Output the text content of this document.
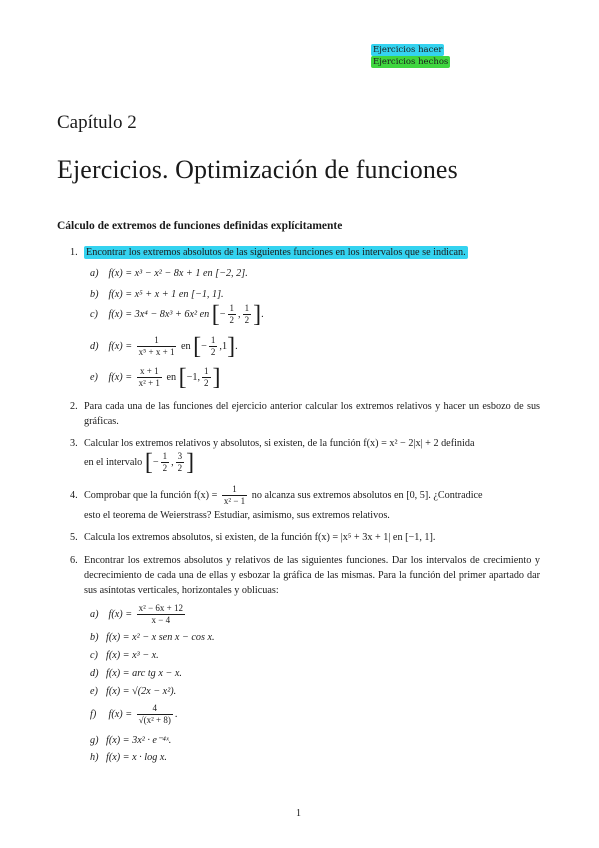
Ejercicios hacer
Ejercicios hechos
Capítulo 2
Ejercicios. Optimización de funciones
Cálculo de extremos de funciones definidas explícitamente
1. Encontrar los extremos absolutos de las siguientes funciones en los intervalos que se indican.
a) f(x) = x³ − x² − 8x + 1 en [−2, 2].
b) f(x) = x⁵ + x + 1 en [−1, 1].
c) f(x) = 3x⁴ − 8x³ + 6x² en [− $\frac{1}{2}$ , $\frac{1}{2}$ ].
d) $f(x) = \frac{1}{\text{x⁵ + x + 1}}$ en [− $\frac{1}{2} ,1$].
e) $f(x) = \frac{x + 1}{\text{x² + 1}}$ en [−1, $\frac{1}{2}$ ]
2. Para cada una de las funciones del ejercicio anterior calcular los extremos relativos y hacer un esbozo de sus gráficas.
3. Calcular los extremos relativos y absolutos, si existen, de la función f(x) = x² − 2|x| + 2 definida
en el intervalo [− $\frac{1}{2}$ , $\frac{3}{2}$ ]
4. Comprobar que la función $f(x) = \frac{1}{\text{x² − 1}}$ no alcanza sus extremos absolutos en [0, 5]. ¿Contradice
esto el teorema de Weierstrass? Estudiar, asimismo, sus extremos relativos.
5. Calcula los extremos absolutos, si existen, de la función f(x) = |x⁵ + 3x + 1| en [−1, 1].
6. Encontrar los extremos absolutos y relativos de las siguientes funciones. Dar los intervalos de crecimiento y decrecimiento de cada una de ellas y esbozar la gráfica de las mismas. Para la función del primer apartado dar sus asíntotas verticales, horizontales y oblicuas:
a) $f(x) = \frac{\text{x² − 6x + 12}}{x - 4}$
b) f(x) = x² − x sen x − cos x.
c) f(x) = x³ − x.
d) f(x) = arc tg x − x.
e) f(x) = √(2x − x²).
f) $f(x) = \frac{4}{\text{√(x² + 8)}}$ .
g) f(x) = 3x² · e⁻⁴ˣ.
h) f(x) = x · log x.
1
